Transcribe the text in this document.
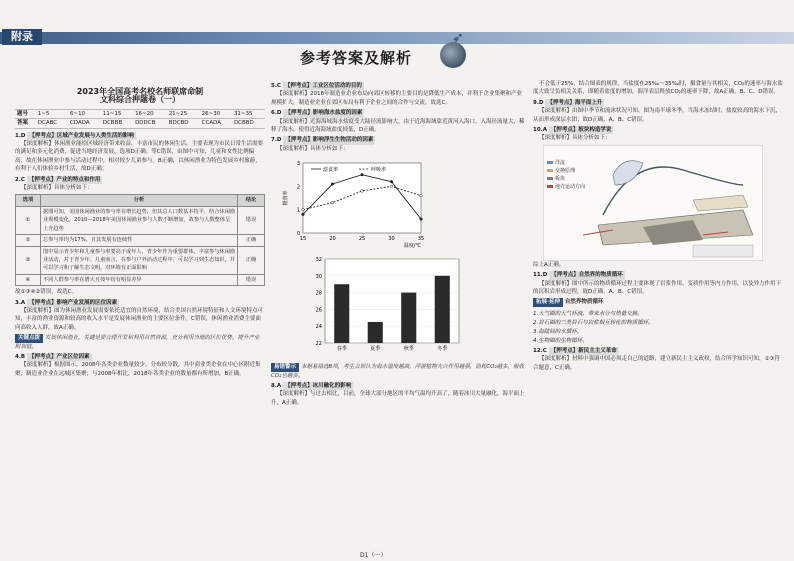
附录
参考答案及解析
➶
2023年全国高考名校名师联席命制
文科综合押题卷（一）
题号	1~5	6~10	11~15	16~20	21~25	26~30	31~35
答案	DCABC	CDADA	DCBBB	DDDCB	BDCBD	CCADA	DCBBD
1.D 【押考点】区域产业发展与人类生活的影响
【深度解析】休闲渔业能给区域经济带来收益，丰富市民的休闲生活，主要表现为市民日常生活需要的满足和多元化消费，促进当地经济发展，选项D正确。等C错误，由图中可知，儿童和女性比例偏高，故在休闲渔业中参与活动过程中，相对较少儿童参与。B正确，以休闲渔业为特色发展乡村旅游，有利于人们体验乡村生活，故D正确。
2.C 【押考点】产业的特点和作用
【深度解析】具体分析如下：
选项	分析	结论
①	据图可知，美国休闲渔业的参与率有增长趋势，但其总人口数基本持平，结合休闲渔业规模变化，2010—2018年美国休闲渔业参与人数不断增加，故参与人数整体呈上升趋势	错误
②	总参与率均为17%，且其发展有连续性	正确
③	图中显示青少年和儿童参与率要高于成年人，青少年作为重要群体，丰富参与休闲渔业活动，对于青少年、儿童而言，在参与户外活动过程中，可以学习到生态知识，并可以学习和了解生态文明，对环境有正面影响	正确
④	不同人群参与率在增大且按年份有明显差异	错误
故①③④②错误，故选C。
3.A 【押考点】影响产业发展的区位因素
【深度解析】图为休闲渔业发展需要依托适宜的自然环境，结合美国自然环境特征和人文环境特点可知，丰富的渔业资源和较高的收入水平是发展休闲渔业的主要区位条件。C错误，休闲渔业消费主要面向高收入人群，故A正确。
关键点拨 发展休闲渔业，关键是要合理开发和利用自然资源，充分利用当地的区位优势，提升产业附加值。
4.B 【押考点】产业区位因素
【深度解析】根据图示，2008年各类企业数量较少，分布较分散，其中商业类企业在中心区附近集聚，制造业企业在远城区集聚；与2008年相比，2018年各类企业的数量都有所增加，B正确。
5.C 【押考点】工业区位活动的目的
【深度解析】2018年制造业企业布局向郊区转移的主要目的是降低生产成本，并利于企业集聚和产业规模扩大，制造业企业在郊区布局有利于企业之间的合作与交流，故选C。
6.D 【押考点】影响海水盐度的因素
【深度解析】近海海域海水盐度受大陆径流影响大，由于近海海域靠近黄河入海口，入海径流量大，稀释了海水，使得近海海域盐度较低，D正确。
7.D 【押考点】影响浮生生物活动的因素
【深度解析】具体分析如下：
15	20	25	30	35
0
1
2
3
温度/℃
摄食率
滤食率	呼吸率
22
24
26
28
30
32
春季	夏季	秋季	冬季
易错警示 本题易错选B项，考生会误认为海水温度越高，浮游植物光合作用越强，消耗CO₂越多，吸收CO₂也越多。
8.A 【押考点】冰川融化的影响
【深度解析】与过去相比，目前，全球大部分地区的平均气温均升高了，随着冰川大量融化，海平面上升，A正确。
不会低于25%，结合图表的规律，当盐度在25‰～35‰时，摄食量与其相关，CO₂的速率与海水盐度大致呈负相关关系，即随着盐度的增加，海洋表层释放CO₂的速率下降，故A正确，B、C、D错误。
9.D 【押考点】海平面上升
【深度解析】由图中季节和流冰状况可知，图为南半球冬季，当海水冻结时，盐度较高的海水下沉，从而形成深层水团；故D正确，A、B、C错误。
10.A 【押考点】板块构造学说
【深度解析】具体分析如下：
洋流
交换原理
板块
地壳运动方向
综上A正确。
11.D 【押考点】自然界的物质循环
【深度解析】图中所示的物质循环过程主要体现了岩浆作用、变质作用等内力作用，以及外力作用下的沉积岩形成过程，故D正确，A、B、C错误。
拓展·延伸 自然界物质循环
1.大气圈的大气环流，带来水分与热量交换。
2.岩石圈的三类岩石与岩浆相互转化的物质循环。
3.海陆间的水循环。
4.生物圈的生物循环。
12.C 【押考点】新民主主义革命
【深度解析】材料中强调中国必须走自己的道路，建立新民主主义政权，结合所学知识可知，①③符合题意，C正确。
D1（一）
